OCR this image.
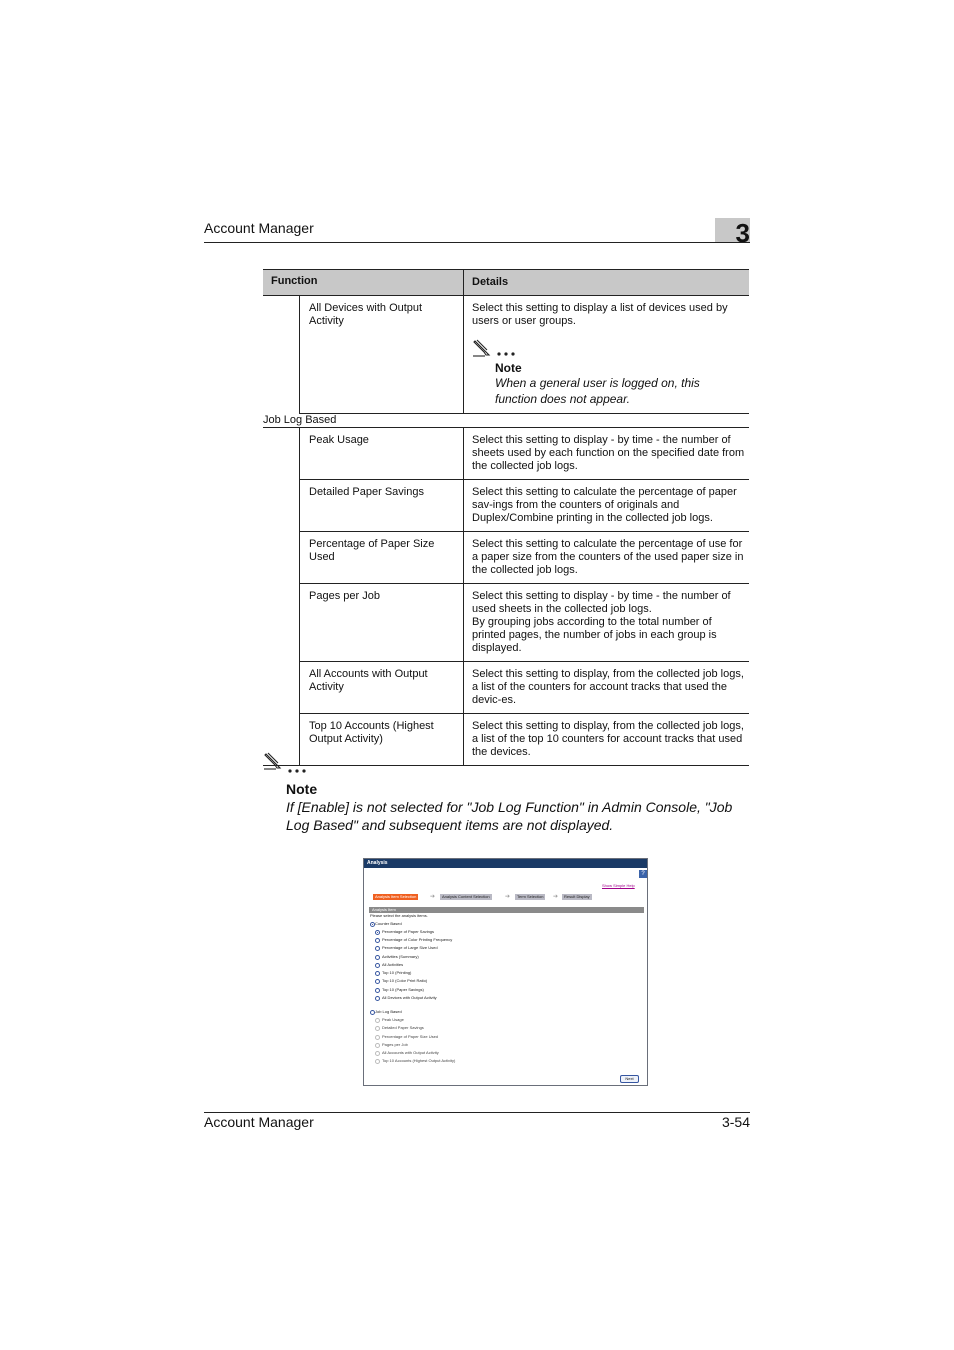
Account Manager	3
Function		Details
	All Devices with Output Activity	Select this setting to display a list of devices used by users or user groups.
Note
When a general user is logged on, this function does not appear.

Job Log Based		
	Peak Usage	Select this setting to display - by time - the number of sheets used by each function on the specified date from the collected job logs.
	Detailed Paper Savings	Select this setting to calculate the percentage of paper sav-ings from the counters of originals and Duplex/Combine printing in the collected job logs.
	Percentage of Paper Size Used	Select this setting to calculate the percentage of use for a paper size from the counters of the used paper size in the collected job logs.
	Pages per Job	Select this setting to display - by time - the number of used sheets in the collected job logs.
By grouping jobs according to the total number of printed pages, the number of jobs in each group is displayed.

	All Accounts with Output Activity	Select this setting to display, from the collected job logs, a list of the counters for account tracks that used the devic-es.
	Top 10 Accounts (Highest Output Activity)	Select this setting to display, from the collected job logs, a list of the top 10 counters for account tracks that used the devices.
Note
If [Enable] is not selected for "Job Log Function" in Admin Console, "Job Log Based" and subsequent items are not displayed.
Analysis
?
Show Simple Help
Analysis Item Selection	➔	Analysis Content Selection	➔	Term Selection	➔	Result Display
Analysis Item
Please select the analysis items.
Counter Based
Percentage of Paper Savings
Percentage of Color Printing Frequency
Percentage of Large Size Used
Activities (Summary)
All Activities
Top 10 (Printing)
Top 10 (Color Print Ratio)
Top 10 (Paper Savings)
All Devices with Output Activity
Job Log Based
Peak Usage
Detailed Paper Savings
Percentage of Paper Size Used
Pages per Job
All Accounts with Output Activity
Top 10 Accounts (Highest Output Activity)
Next
Account Manager	3-54
